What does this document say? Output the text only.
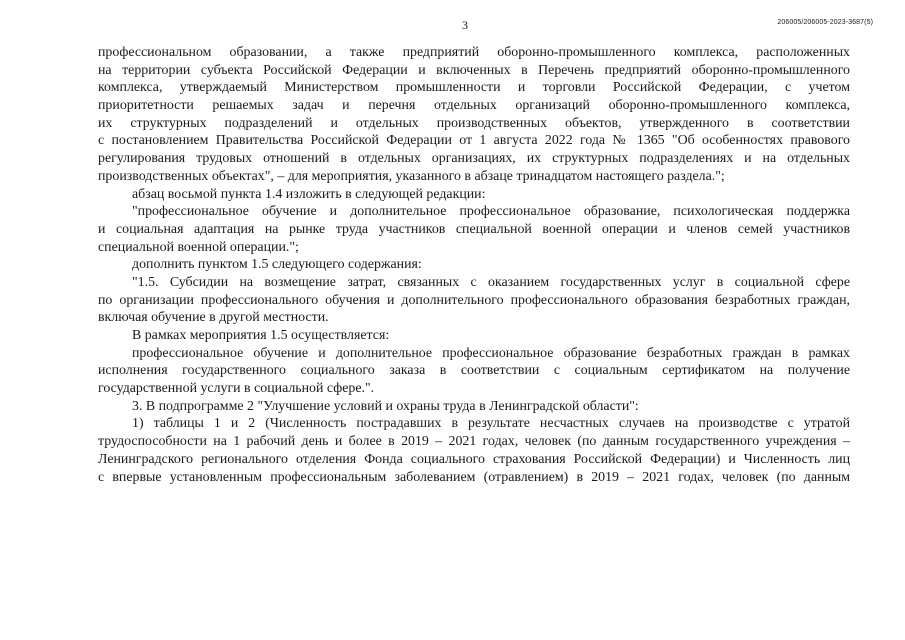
3	206005/206005-2023-3687(5)
профессиональном образовании, а также предприятий оборонно-промышленного комплекса, расположенных
на территории субъекта Российской Федерации и включенных в Перечень предприятий оборонно-промышленного
комплекса, утверждаемый Министерством промышленности и торговли Российской Федерации, с учетом
приоритетности решаемых задач и перечня отдельных организаций оборонно-промышленного комплекса,
их структурных подразделений и отдельных производственных объектов, утвержденного в соответствии
с постановлением Правительства Российской Федерации от 1 августа 2022 года № 1365 "Об особенностях правового
регулирования трудовых отношений в отдельных организациях, их структурных подразделениях и на отдельных
производственных объектах", – для мероприятия, указанного в абзаце тринадцатом настоящего раздела.";
абзац восьмой пункта 1.4 изложить в следующей редакции:
"профессиональное обучение и дополнительное профессиональное образование, психологическая поддержка
и социальная адаптация на рынке труда участников специальной военной операции и членов семей участников
специальной военной операции.";
дополнить пунктом 1.5 следующего содержания:
"1.5. Субсидии на возмещение затрат, связанных с оказанием государственных услуг в социальной сфере
по организации профессионального обучения и дополнительного профессионального образования безработных граждан,
включая обучение в другой местности.
В рамках мероприятия 1.5 осуществляется:
профессиональное обучение и дополнительное профессиональное образование безработных граждан в рамках
исполнения государственного социального заказа в соответствии с социальным сертификатом на получение
государственной услуги в социальной сфере.".
3. В подпрограмме 2 "Улучшение условий и охраны труда в Ленинградской области":
1) таблицы 1 и 2 (Численность пострадавших в результате несчастных случаев на производстве с утратой
трудоспособности на 1 рабочий день и более в 2019 – 2021 годах, человек (по данным государственного учреждения –
Ленинградского регионального отделения Фонда социального страхования Российской Федерации) и Численность лиц
с впервые установленным профессиональным заболеванием (отравлением) в 2019 – 2021 годах, человек (по данным
